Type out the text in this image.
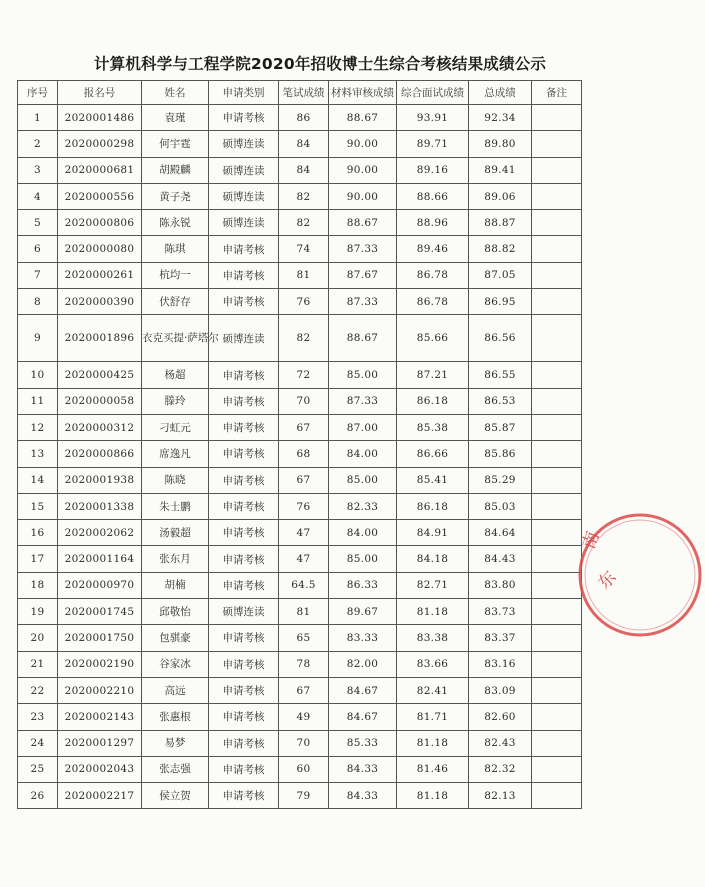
计算机科学与工程学院2020年招收博士生综合考核结果成绩公示
序号	报名号	姓名	申请类别	笔试成绩	材料审核成绩	综合面试成绩	总成绩	备注
1	2020001486	袁瑾	申请考核	86	88.67	93.91	92.34	
2	2020000298	何宇霆	硕博连读	84	90.00	89.71	89.80	
3	2020000681	胡殿麟	硕博连读	84	90.00	89.16	89.41	
4	2020000556	黄子尧	硕博连读	82	90.00	88.66	89.06	
5	2020000806	陈永锐	硕博连读	82	88.67	88.96	88.87	
6	2020000080	陈琪	申请考核	74	87.33	89.46	88.82	
7	2020000261	杭均一	申请考核	81	87.67	86.78	87.05	
8	2020000390	伏舒存	申请考核	76	87.33	86.78	86.95	
9	2020001896	衣克买提·萨塔尔	硕博连读	82	88.67	85.66	86.56	
10	2020000425	杨超	申请考核	72	85.00	87.21	86.55	
11	2020000058	滕玲	申请考核	70	87.33	86.18	86.53	
12	2020000312	刁虹元	申请考核	67	87.00	85.38	85.87	
13	2020000866	席逸凡	申请考核	68	84.00	86.66	85.86	
14	2020001938	陈晓	申请考核	67	85.00	85.41	85.29	
15	2020001338	朱士鹏	申请考核	76	82.33	86.18	85.03	
16	2020002062	汤毅超	申请考核	47	84.00	84.91	84.64	
17	2020001164	张东月	申请考核	47	85.00	84.18	84.43	
18	2020000970	胡楠	申请考核	64.5	86.33	82.71	83.80	
19	2020001745	邱敬怡	硕博连读	81	89.67	81.18	83.73	
20	2020001750	包骐豪	申请考核	65	83.33	83.38	83.37	
21	2020002190	谷家冰	申请考核	78	82.00	83.66	83.16	
22	2020002210	高远	申请考核	67	84.67	82.41	83.09	
23	2020002143	张惠根	申请考核	49	84.67	81.71	82.60	
24	2020001297	易梦	申请考核	70	85.33	81.18	82.43	
25	2020002043	张志强	申请考核	60	84.33	81.46	82.32	
26	2020002217	侯立贺	申请考核	79	84.33	81.18	82.13	
东
南
